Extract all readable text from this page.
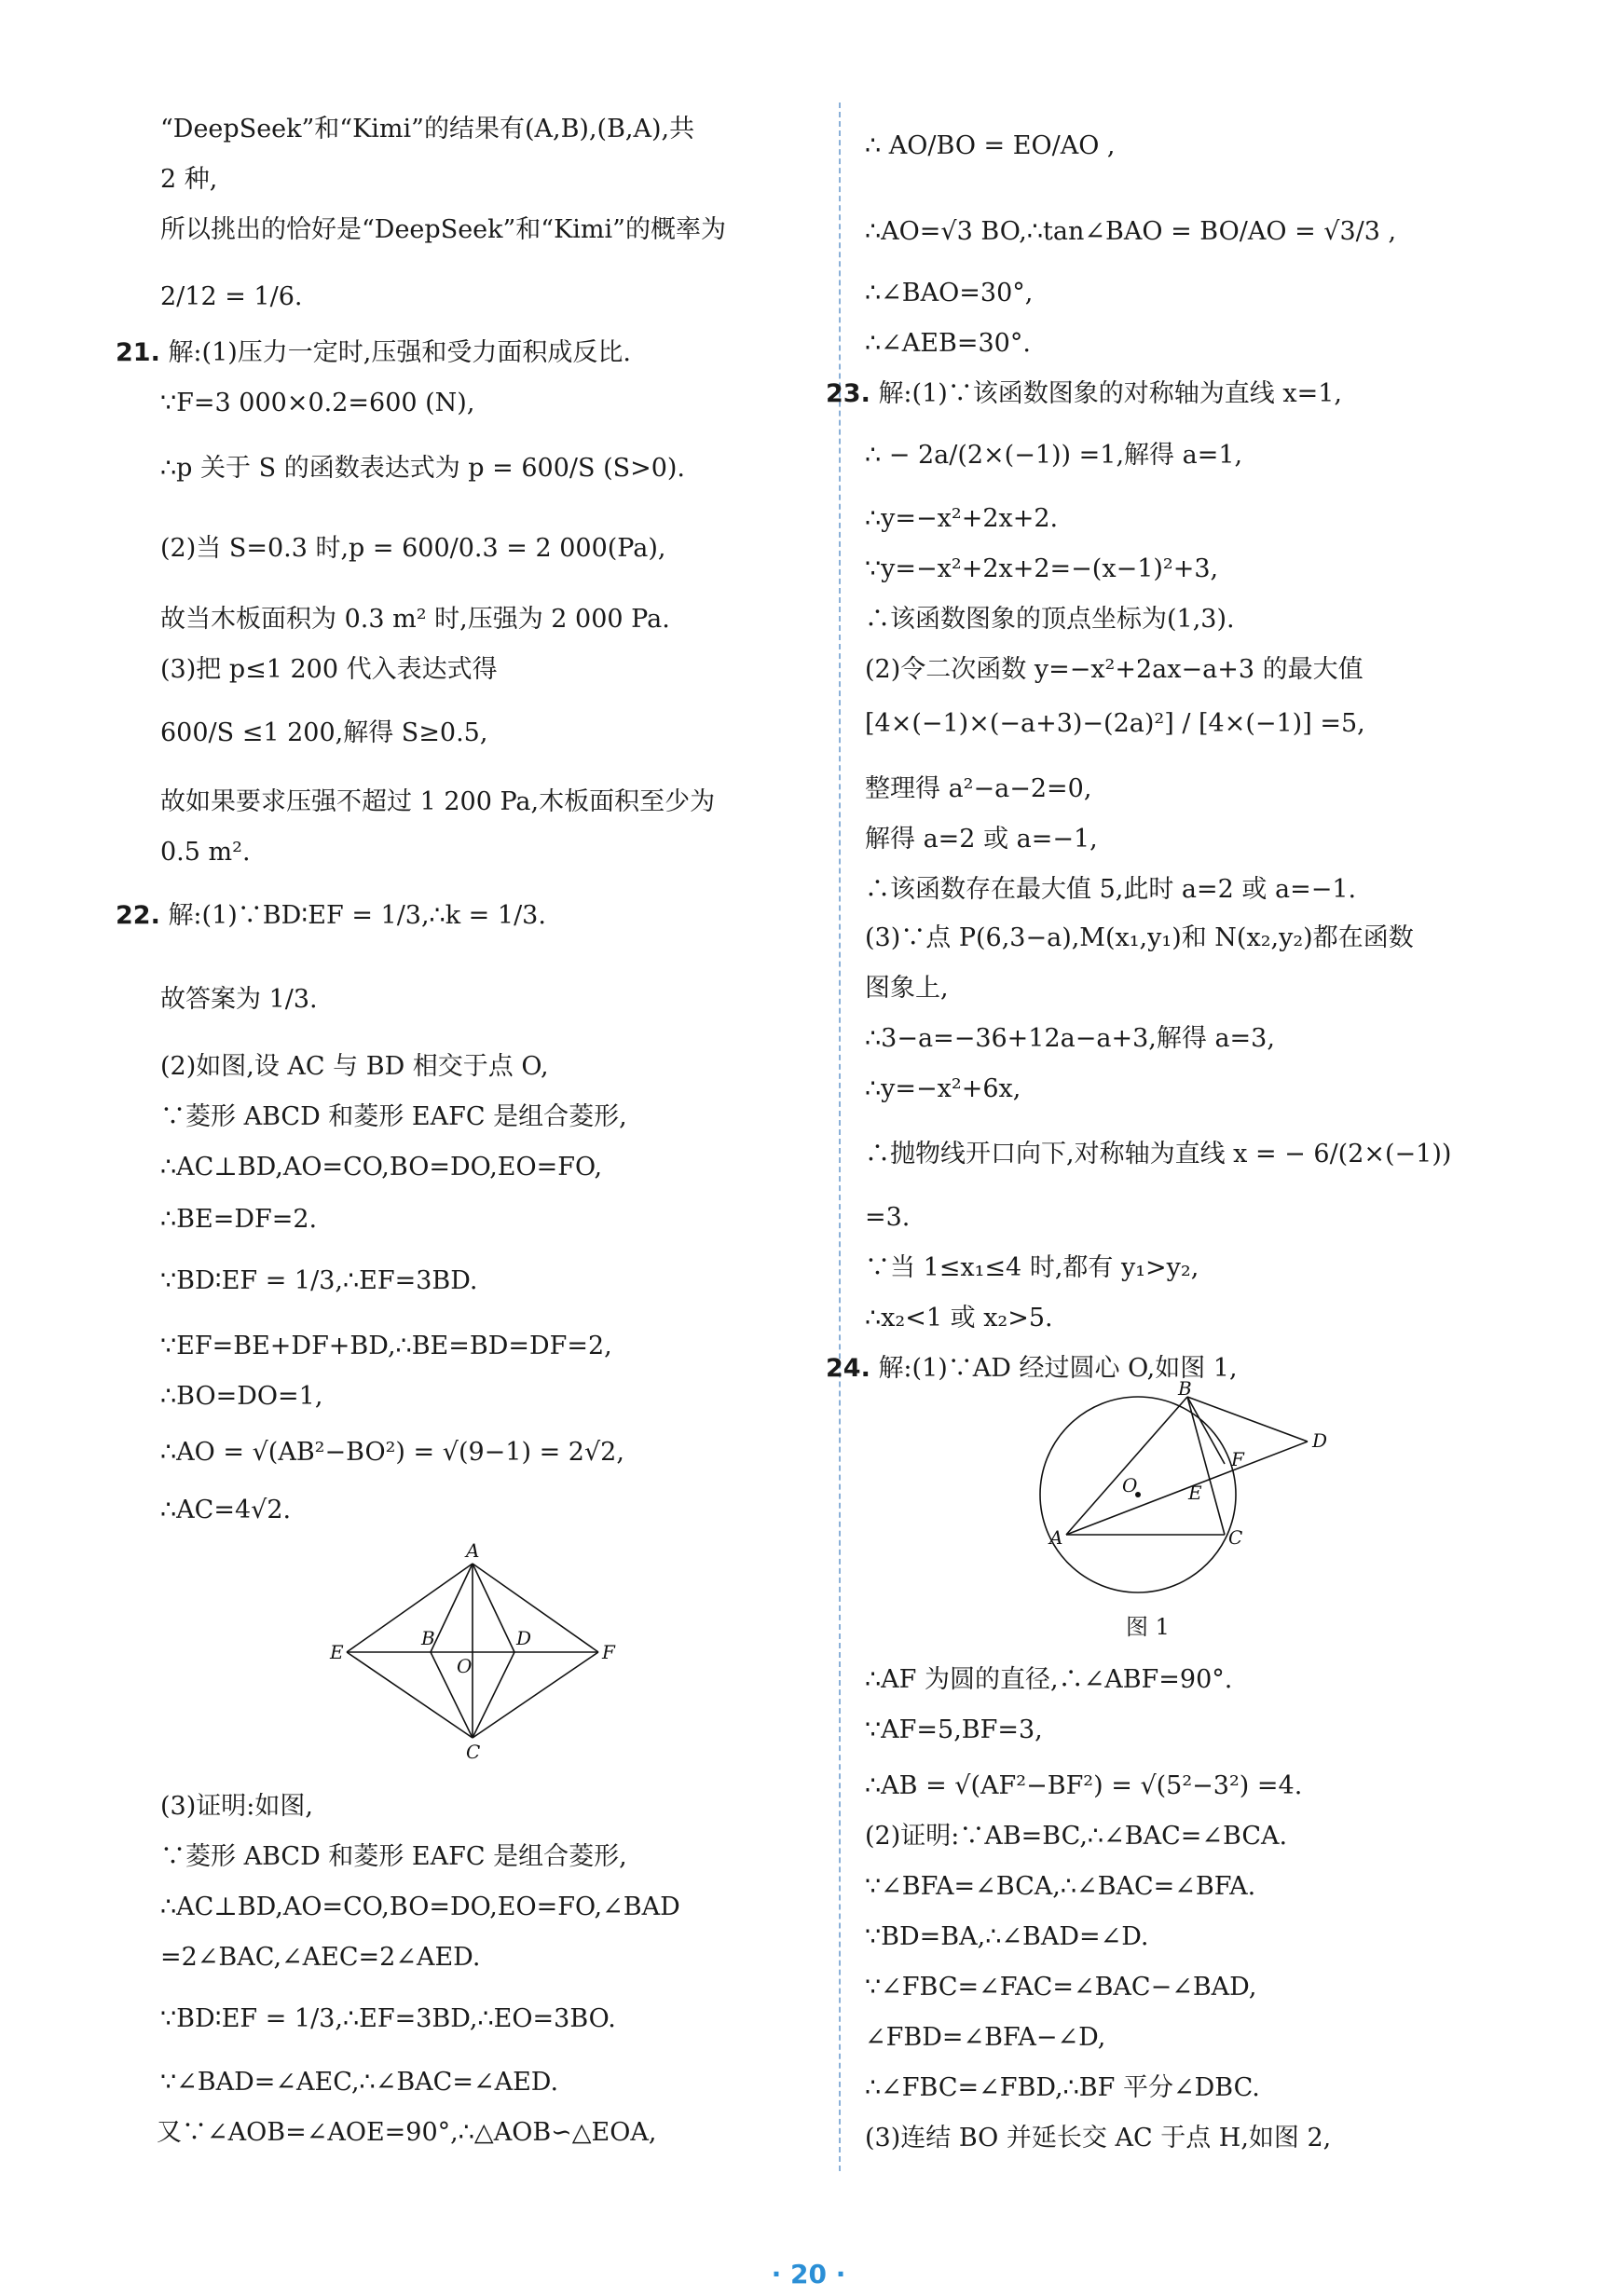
“DeepSeek”和“Kimi”的结果有(A,B),(B,A),共
2 种,
所以挑出的恰好是“DeepSeek”和“Kimi”的概率为
2/12 = 1/6.
21. 解:(1)压力一定时,压强和受力面积成反比.
∵F=3 000×0.2=600 (N),
∴p 关于 S 的函数表达式为 p = 600/S (S>0).
(2)当 S=0.3 时,p = 600/0.3 = 2 000(Pa),
故当木板面积为 0.3 m² 时,压强为 2 000 Pa.
(3)把 p≤1 200 代入表达式得
600/S ≤1 200,解得 S≥0.5,
故如果要求压强不超过 1 200 Pa,木板面积至少为
0.5 m².
22. 解:(1)∵BD∶EF = 1/3,∴k = 1/3.
故答案为 1/3.
(2)如图,设 AC 与 BD 相交于点 O,
∵菱形 ABCD 和菱形 EAFC 是组合菱形,
∴AC⊥BD,AO=CO,BO=DO,EO=FO,
∴BE=DF=2.
∵BD∶EF = 1/3,∴EF=3BD.
∵EF=BE+DF+BD,∴BE=BD=DF=2,
∴BO=DO=1,
∴AO = √(AB²−BO²) = √(9−1) = 2√2,
∴AC=4√2.
A
B	D
E
O
F
C
(3)证明:如图,
∵菱形 ABCD 和菱形 EAFC 是组合菱形,
∴AC⊥BD,AO=CO,BO=DO,EO=FO,∠BAD
=2∠BAC,∠AEC=2∠AED.
∵BD∶EF = 1/3,∴EF=3BD,∴EO=3BO.
∵∠BAD=∠AEC,∴∠BAC=∠AED.
又∵∠AOB=∠AOE=90°,∴△AOB∽△EOA,
∴ AO/BO = EO/AO ,
∴AO=√3 BO,∴tan∠BAO = BO/AO = √3/3 ,
∴∠BAO=30°,
∴∠AEB=30°.
23. 解:(1)∵该函数图象的对称轴为直线 x=1,
∴ − 2a/(2×(−1)) =1,解得 a=1,
∴y=−x²+2x+2.
∵y=−x²+2x+2=−(x−1)²+3,
∴该函数图象的顶点坐标为(1,3).
(2)令二次函数 y=−x²+2ax−a+3 的最大值
[4×(−1)×(−a+3)−(2a)²] / [4×(−1)] =5,
整理得 a²−a−2=0,
解得 a=2 或 a=−1,
∴该函数存在最大值 5,此时 a=2 或 a=−1.
(3)∵点 P(6,3−a),M(x₁,y₁)和 N(x₂,y₂)都在函数
图象上,
∴3−a=−36+12a−a+3,解得 a=3,
∴y=−x²+6x,
∴抛物线开口向下,对称轴为直线 x = − 6/(2×(−1))
=3.
∵当 1≤x₁≤4 时,都有 y₁>y₂,
∴x₂<1 或 x₂>5.
24. 解:(1)∵AD 经过圆心 O,如图 1,
B
D
F
O	E
A	C
图 1
∴AF 为圆的直径,∴∠ABF=90°.
∵AF=5,BF=3,
∴AB = √(AF²−BF²) = √(5²−3²) =4.
(2)证明:∵AB=BC,∴∠BAC=∠BCA.
∵∠BFA=∠BCA,∴∠BAC=∠BFA.
∵BD=BA,∴∠BAD=∠D.
∵∠FBC=∠FAC=∠BAC−∠BAD,
∠FBD=∠BFA−∠D,
∴∠FBC=∠FBD,∴BF 平分∠DBC.
(3)连结 BO 并延长交 AC 于点 H,如图 2,
· 20 ·
